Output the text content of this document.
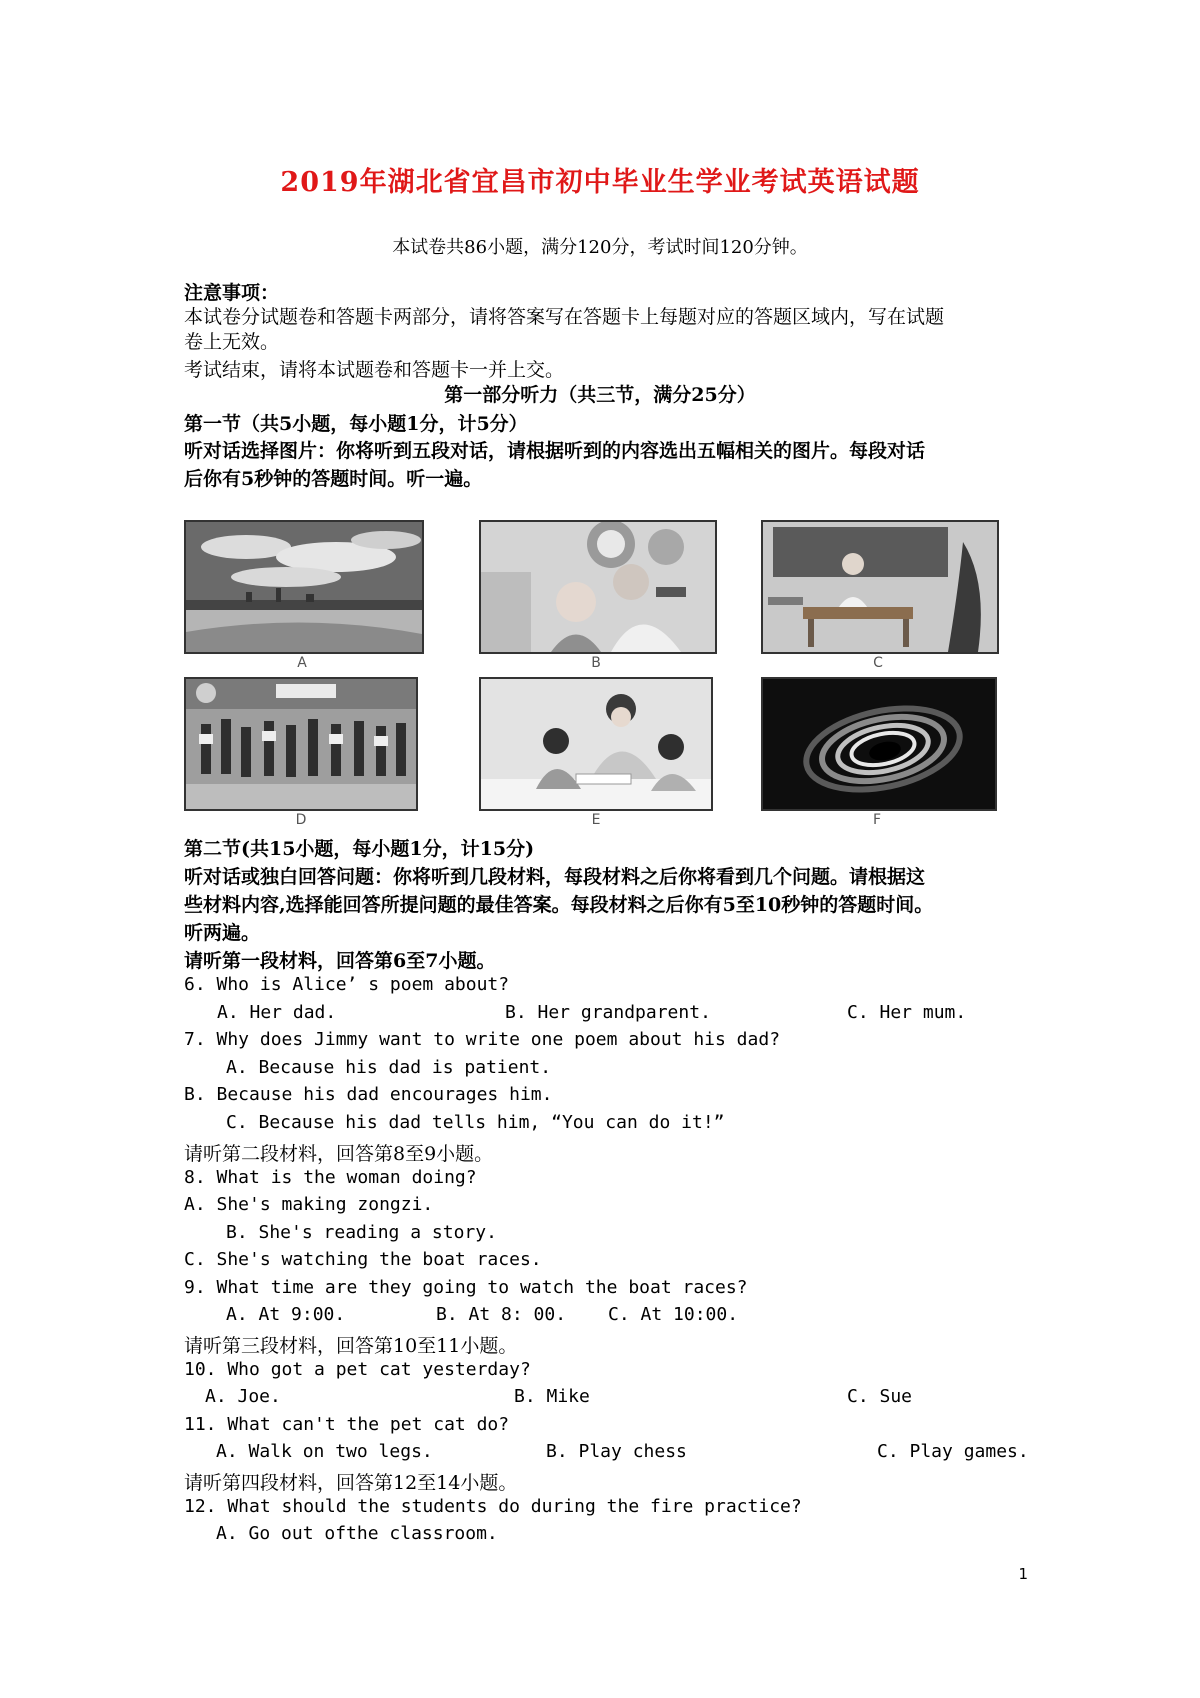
2019年湖北省宜昌市初中毕业生学业考试英语试题
本试卷共86小题，满分120分，考试时间120分钟。
注意事项：
本试卷分试题卷和答题卡两部分，请将答案写在答题卡上每题对应的答题区域内，写在试题
卷上无效。
考试结束，请将本试题卷和答题卡一并上交。
第一部分听力（共三节，满分25分）
第一节（共5小题，每小题1分，计5分）
听对话选择图片：你将听到五段对话，请根据听到的内容选出五幅相关的图片。每段对话
后你有5秒钟的答题时间。听一遍。
A	B	C
D	E	F
第二节(共15小题，每小题1分，计15分)
听对话或独白回答问题：你将听到几段材料，每段材料之后你将看到几个问题。请根据这
些材料内容,选择能回答所提问题的最佳答案。每段材料之后你有5至10秒钟的答题时间。
听两遍。
请听第一段材料，回答第6至7小题。
6. Who is Alice’ s poem about?
A. Her dad.	B. Her grandparent.	C. Her mum.
7. Why does Jimmy want to write one poem about his dad?
A. Because his dad is patient.
B. Because his dad encourages him.
C. Because his dad tells him, “You can do it!”
请听第二段材料，回答第8至9小题。
8. What is the woman doing?
A. She's making zongzi.
B. She's reading a story.
C. She's watching the boat races.
9. What time are they going to watch the boat races?
A. At 9:00.	B. At 8: 00. C. At 10:00.
请听第三段材料，回答第10至11小题。
10. Who got a pet cat yesterday?
A. Joe.	B. Mike	C. Sue
11. What can't the pet cat do?
A. Walk on two legs.	B. Play chess	C. Play games.
请听第四段材料，回答第12至14小题。
12. What should the students do during the fire practice?
A. Go out ofthe classroom.
1
